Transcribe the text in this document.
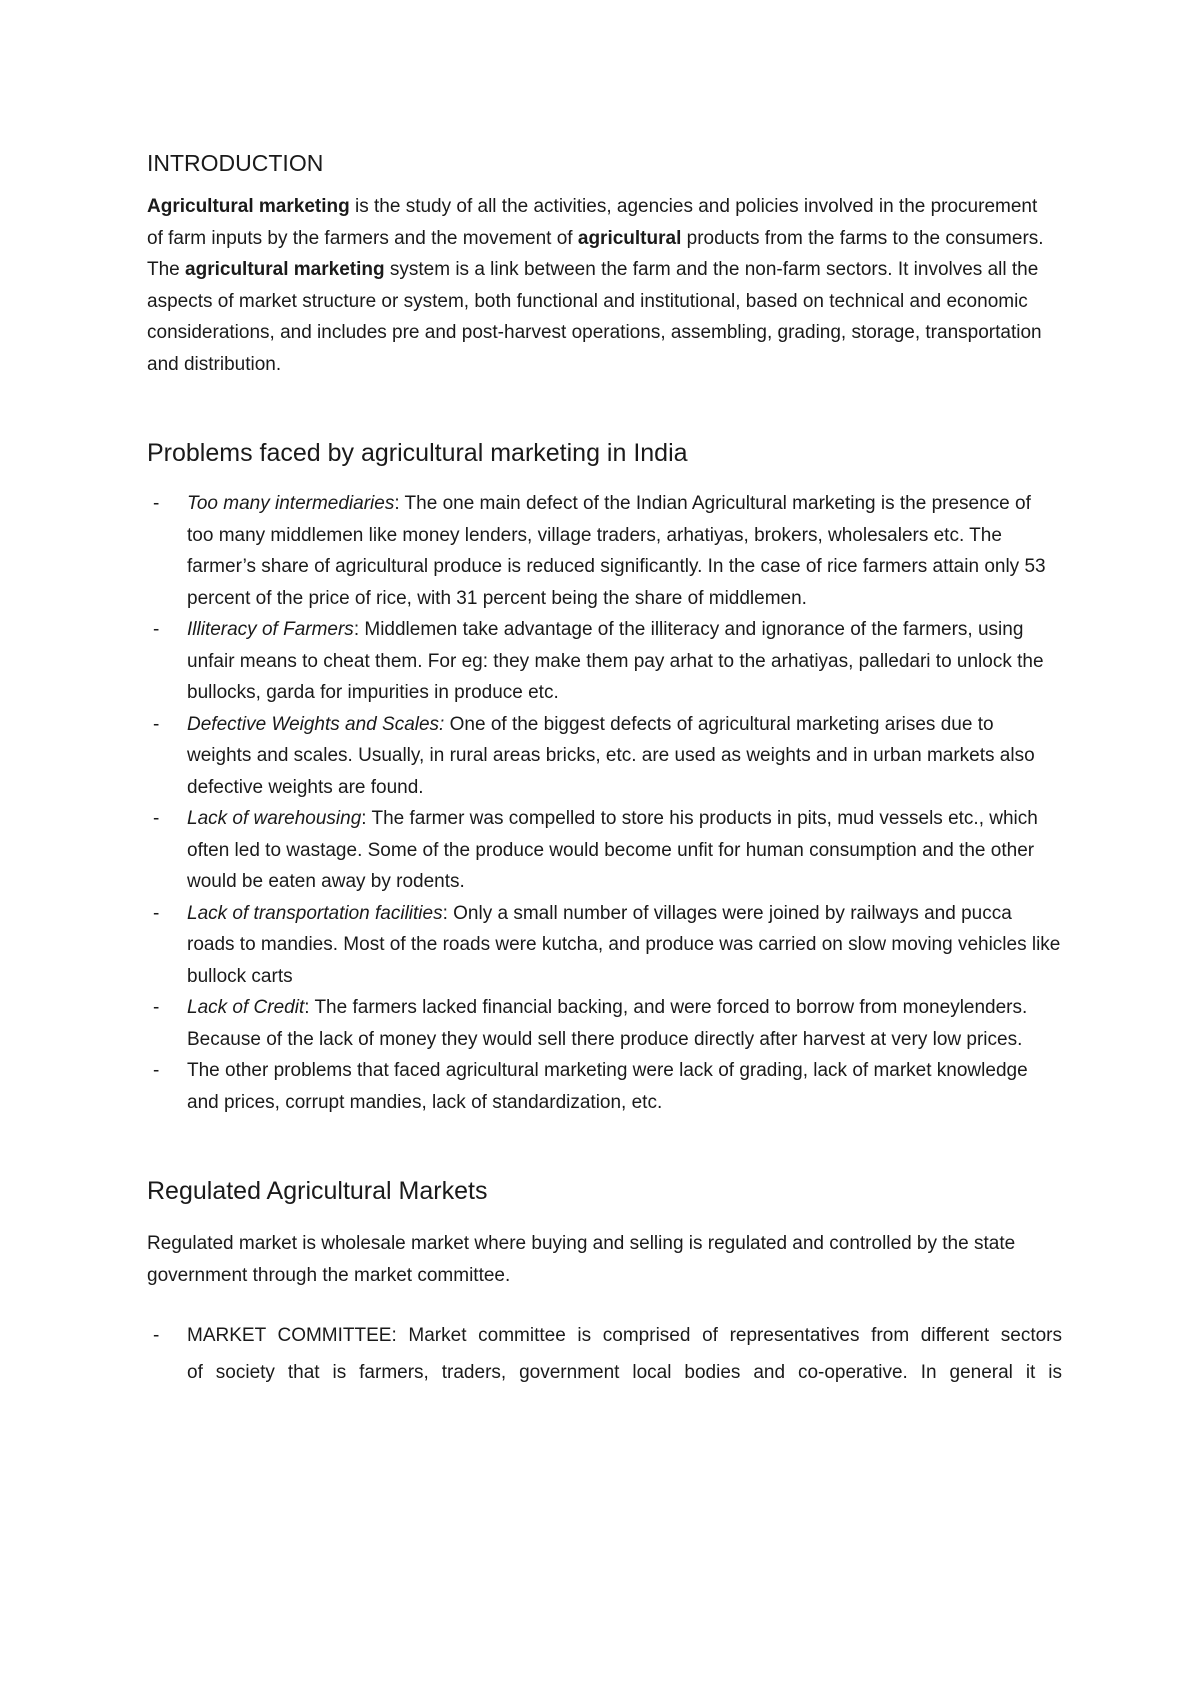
INTRODUCTION

Agricultural marketing is the study of all the activities, agencies and policies involved in the procurement of farm inputs by the farmers and the movement of agricultural products from the farms to the consumers. The agricultural marketing system is a link between the farm and the non-farm sectors. It involves all the aspects of market structure or system, both functional and institutional, based on technical and economic considerations, and includes pre and post-harvest operations, assembling, grading, storage, transportation and distribution.

Problems faced by agricultural marketing in India
- Too many intermediaries: The one main defect of the Indian Agricultural marketing is the presence of too many middlemen like money lenders, village traders, arhatiyas, brokers, wholesalers etc. The farmer’s share of agricultural produce is reduced significantly. In the case of rice farmers attain only 53 percent of the price of rice, with 31 percent being the share of middlemen.
- Illiteracy of Farmers: Middlemen take advantage of the illiteracy and ignorance of the farmers, using unfair means to cheat them. For eg: they make them pay arhat to the arhatiyas, palledari to unlock the bullocks, garda for impurities in produce etc.
- Defective Weights and Scales: One of the biggest defects of agricultural marketing arises due to weights and scales. Usually, in rural areas bricks, etc. are used as weights and in urban markets also defective weights are found.
- Lack of warehousing: The farmer was compelled to store his products in pits, mud vessels etc., which often led to wastage. Some of the produce would become unfit for human consumption and the other would be eaten away by rodents.
- Lack of transportation facilities: Only a small number of villages were joined by railways and pucca roads to mandies. Most of the roads were kutcha, and produce was carried on slow moving vehicles like bullock carts
- Lack of Credit: The farmers lacked financial backing, and were forced to borrow from moneylenders. Because of the lack of money they would sell there produce directly after harvest at very low prices.
- The other problems that faced agricultural marketing were lack of grading, lack of market knowledge and prices, corrupt mandies, lack of standardization, etc.
Regulated Agricultural Markets

Regulated market is wholesale market where buying and selling is regulated and controlled by the state government through the market committee.

- MARKET COMMITTEE: Market committee is comprised of representatives from different sectors
of society that is farmers, traders, government local bodies and co-operative. In general it is
